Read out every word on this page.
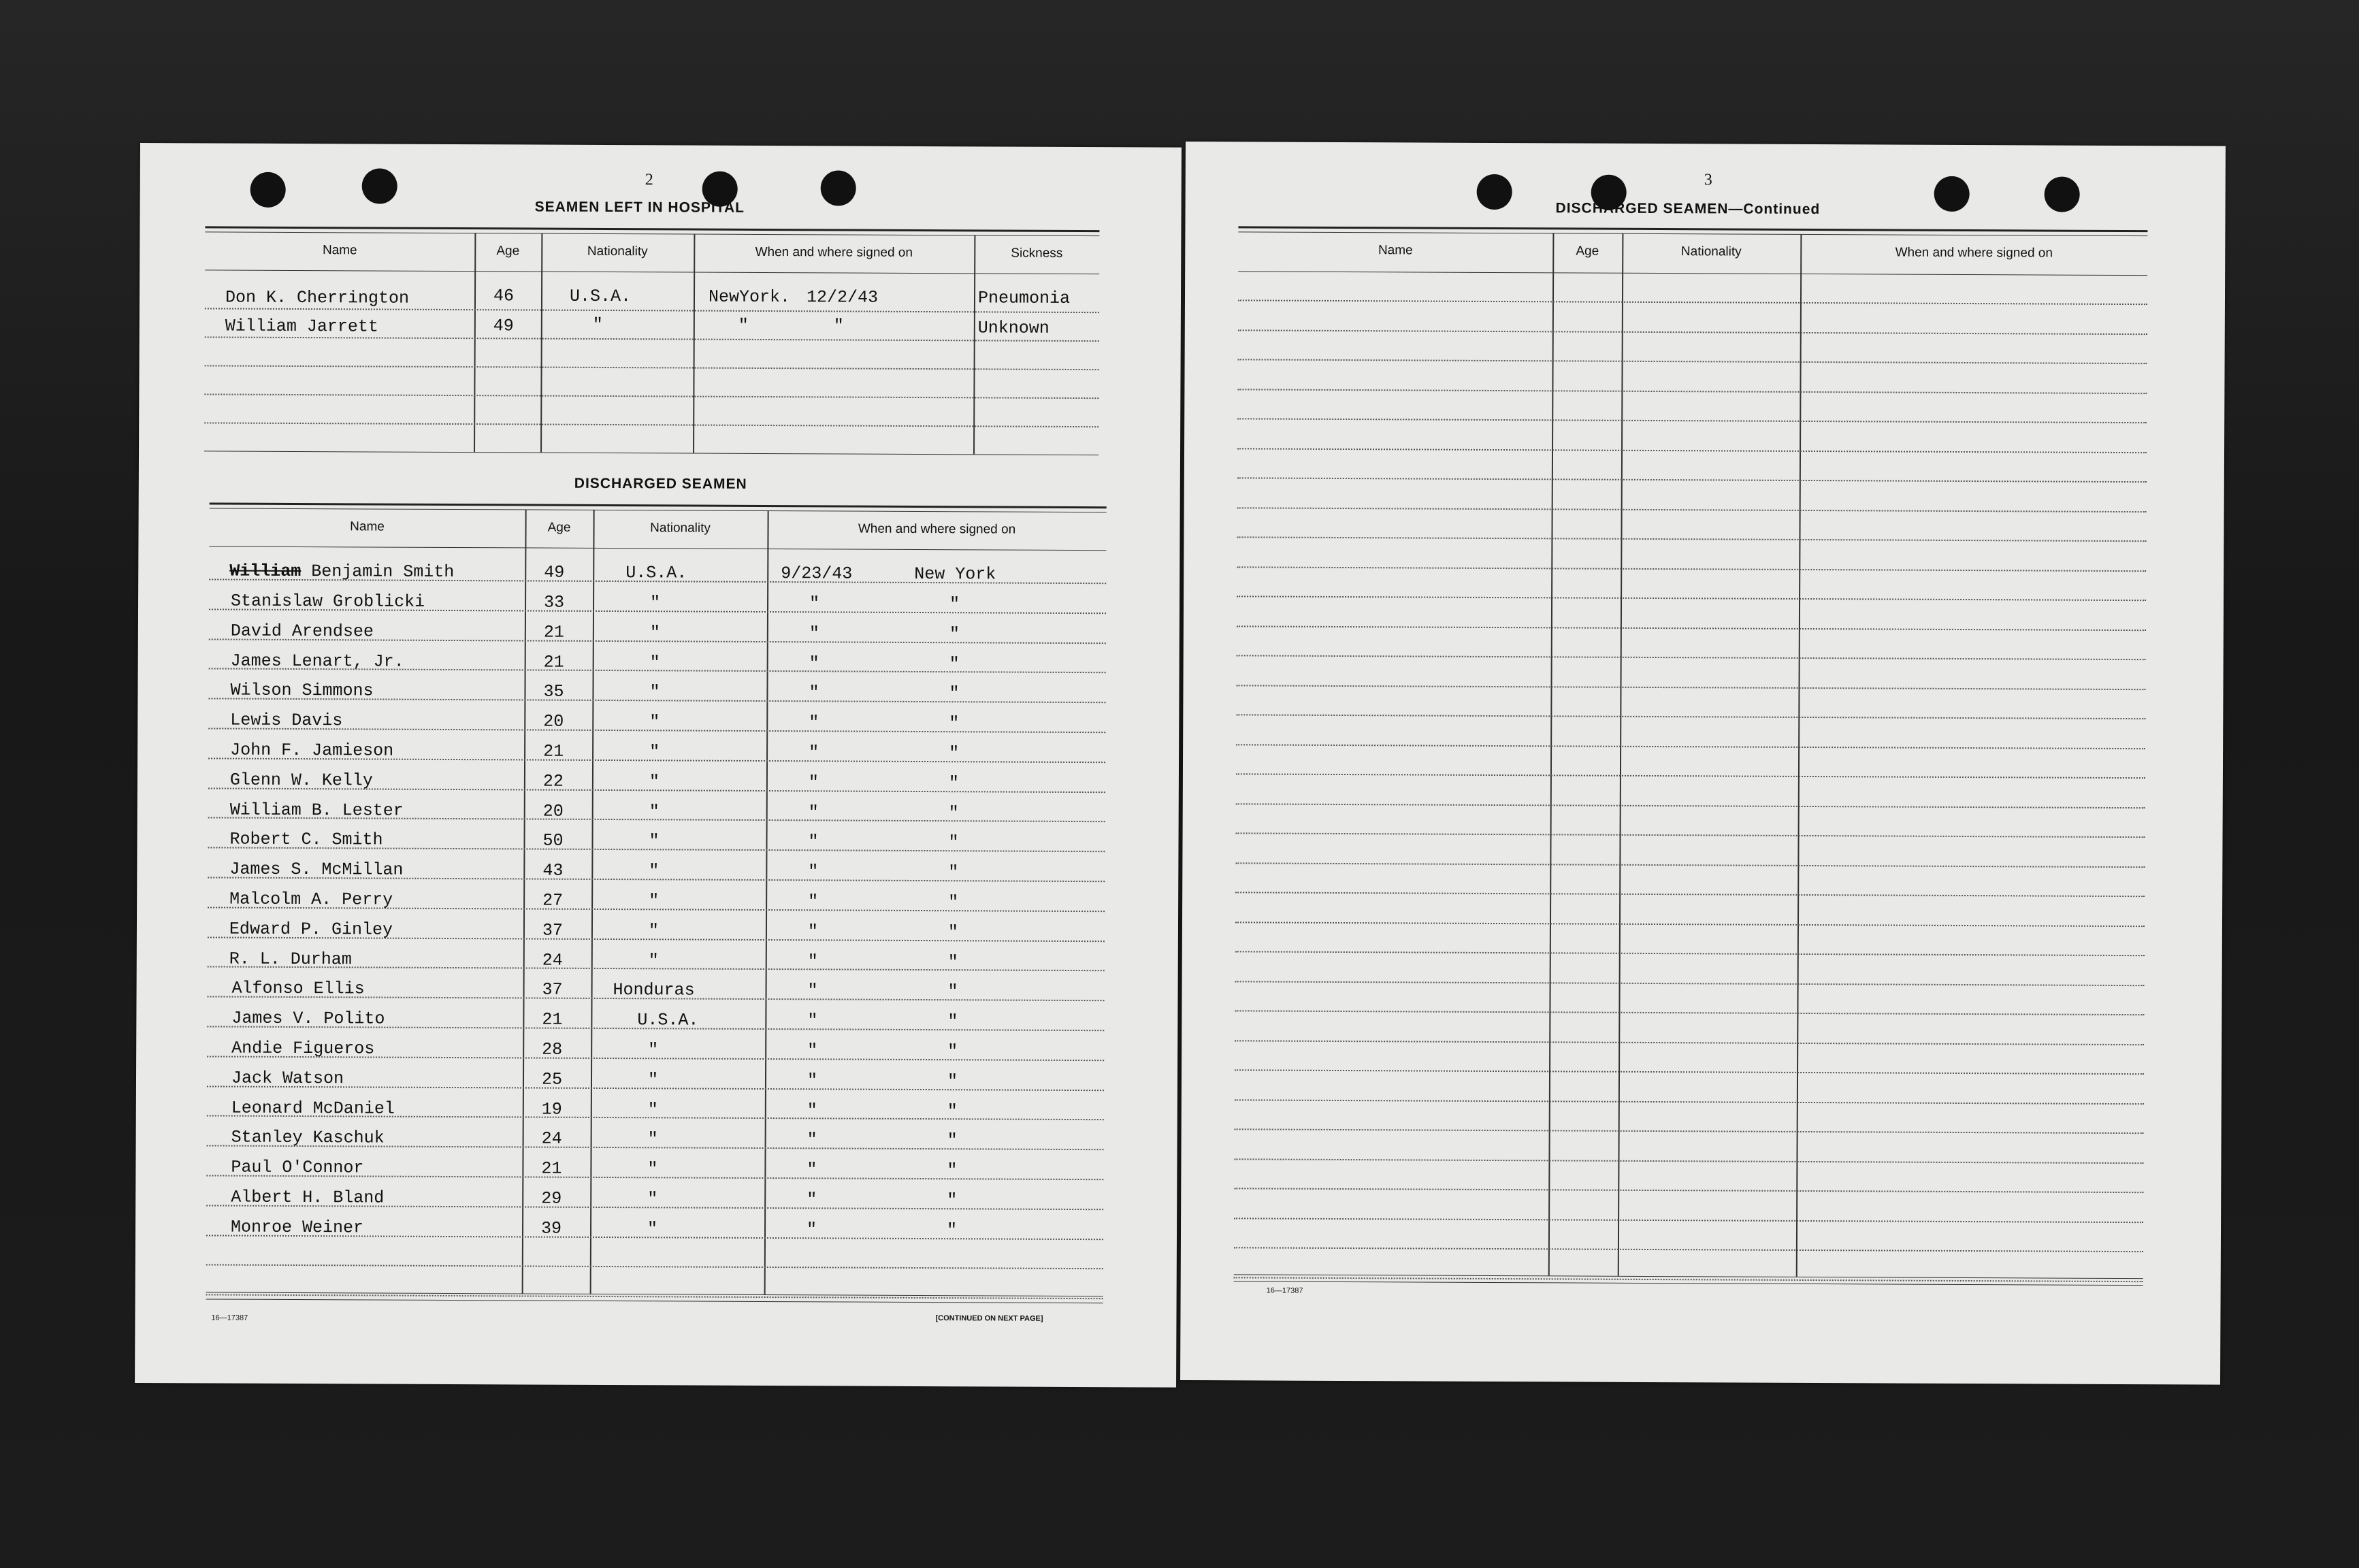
2
SEAMEN LEFT IN HOSPITAL
Name	Age	Nationality	When and where signed on	Sickness
Don K. Cherrington	46	U.S.A.	NewYork. 12/2/43	Pneumonia
William Jarrett	49	"	"	"	Unknown
DISCHARGED SEAMEN
Name	Age	Nationality	When and where signed on
William Benjamin Smith	49	U.S.A.	9/23/43	New York
Stanislaw Groblicki	33	"	"	"
David Arendsee	21	"	"	"
James Lenart, Jr.	21	"	"	"
Wilson Simmons	35	"	"	"
Lewis Davis	20	"	"	"
John F. Jamieson	21	"	"	"
Glenn W. Kelly	22	"	"	"
William B. Lester	20	"	"	"
Robert C. Smith	50	"	"	"
James S. McMillan	43	"	"	"
Malcolm A. Perry	27	"	"	"
Edward P. Ginley	37	"	"	"
R. L. Durham	24	"	"	"
Alfonso Ellis	37	Honduras	"	"
James V. Polito	21	U.S.A.	"	"
Andie Figueros	28	"	"	"
Jack Watson	25	"	"	"
Leonard McDaniel	19	"	"	"
Stanley Kaschuk	24	"	"	"
Paul O'Connor	21	"	"	"
Albert H. Bland	29	"	"	"
Monroe Weiner	39	"	"	"
16—17387	[CONTINUED ON NEXT PAGE]
3
DISCHARGED SEAMEN—Continued
Name	Age	Nationality	When and where signed on
16—17387
